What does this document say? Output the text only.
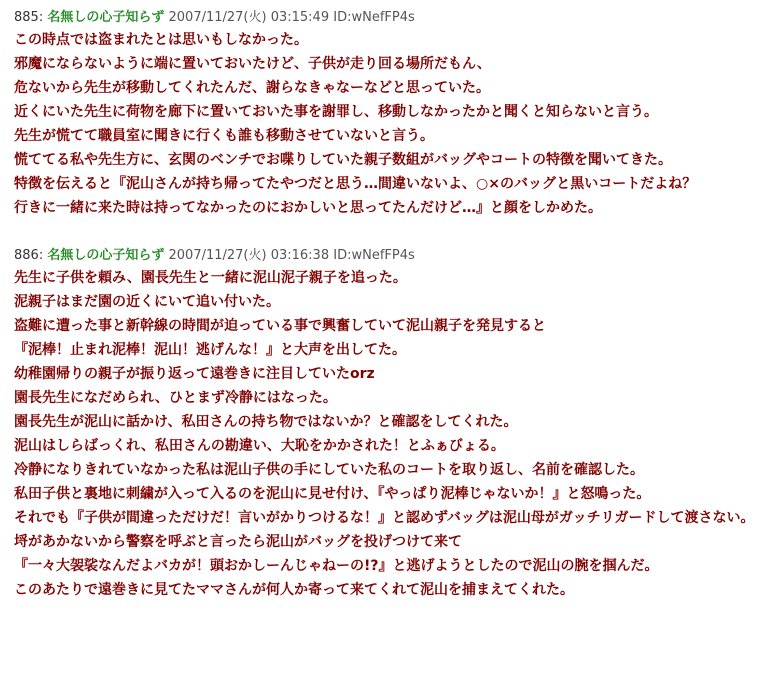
885: 名無しの心子知らず 2007/11/27(火) 03:15:49 ID:wNefFP4s
この時点では盗まれたとは思いもしなかった。
邪魔にならないように端に置いておいたけど、子供が走り回る場所だもん、
危ないから先生が移動してくれたんだ、謝らなきゃなーなどと思っていた。
近くにいた先生に荷物を廊下に置いておいた事を謝罪し、移動しなかったかと聞くと知らないと言う。
先生が慌てて職員室に聞きに行くも誰も移動させていないと言う。
慌ててる私や先生方に、玄関のベンチでお喋りしていた親子数組がバッグやコートの特徴を聞いてきた。
特徴を伝えると『泥山さんが持ち帰ってたやつだと思う…間違いないよ、○×のバッグと黒いコートだよね？
行きに一緒に来た時は持ってなかったのにおかしいと思ってたんだけど…』と顔をしかめた。
886: 名無しの心子知らず 2007/11/27(火) 03:16:38 ID:wNefFP4s
先生に子供を頼み、園長先生と一緒に泥山泥子親子を追った。
泥親子はまだ園の近くにいて追い付いた。
盗難に遭った事と新幹線の時間が迫っている事で興奮していて泥山親子を発見すると
『泥棒！止まれ泥棒！泥山！逃げんな！』と大声を出してた。
幼稚園帰りの親子が振り返って遠巻きに注目していたorz
園長先生になだめられ、ひとまず冷静にはなった。
園長先生が泥山に話かけ、私田さんの持ち物ではないか？と確認をしてくれた。
泥山はしらばっくれ、私田さんの勘違い、大恥をかかされた！とふぁびょる。
冷静になりきれていなかった私は泥山子供の手にしていた私のコートを取り返し、名前を確認した。
私田子供と裏地に刺繍が入って入るのを泥山に見せ付け、『やっぱり泥棒じゃないか！』と怒鳴った。
それでも『子供が間違っただけだ！言いがかりつけるな！』と認めずバッグは泥山母がガッチリガードして渡さない。
埒があかないから警察を呼ぶと言ったら泥山がバッグを投げつけて来て
『一々大袈裟なんだよバカが！頭おかしーんじゃねーの!?』と逃げようとしたので泥山の腕を掴んだ。
このあたりで遠巻きに見てたママさんが何人か寄って来てくれて泥山を捕まえてくれた。
